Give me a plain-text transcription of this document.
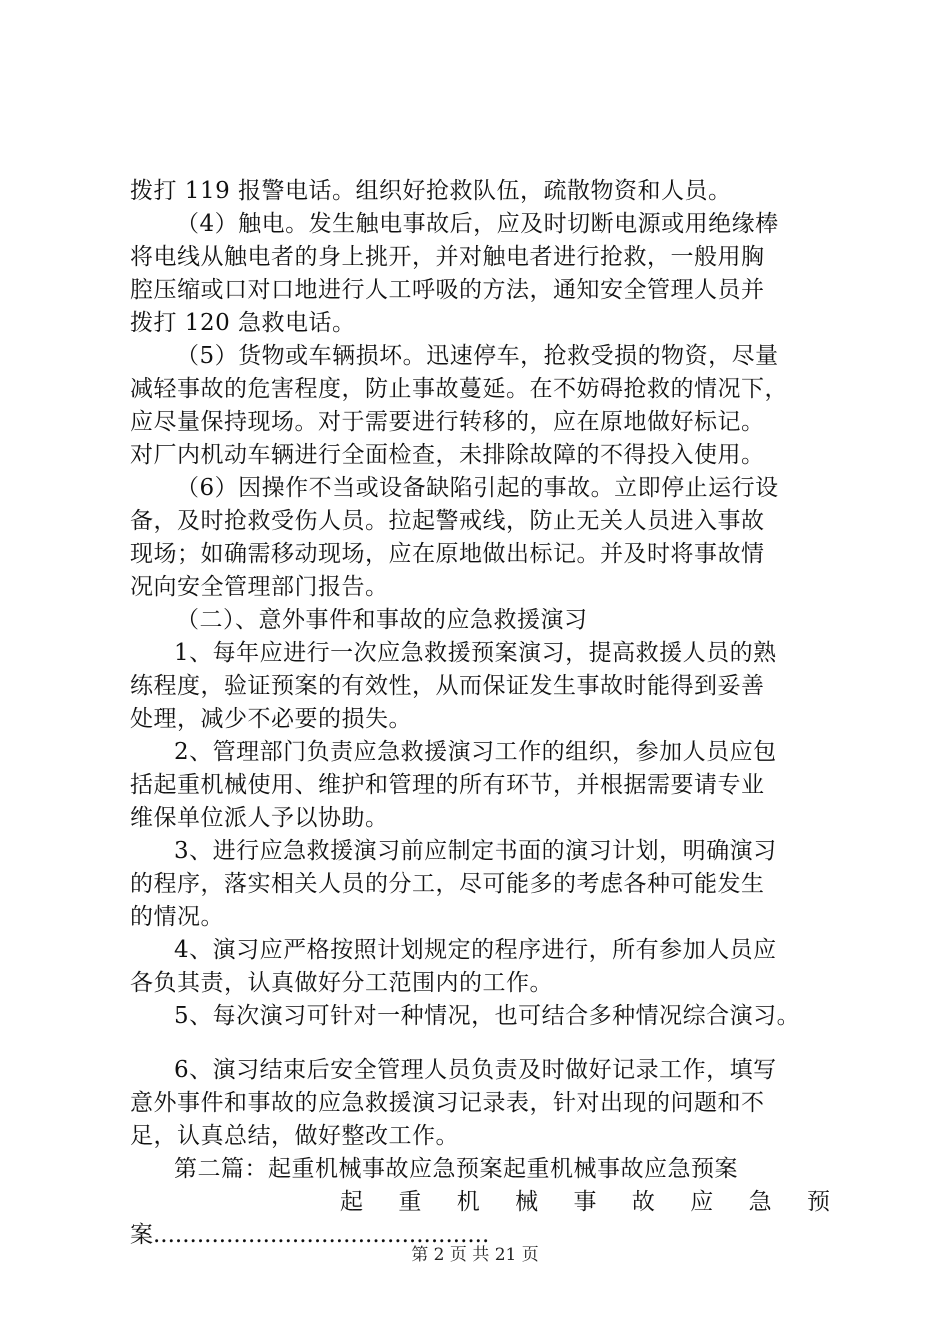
拨打 119 报警电话。组织好抢救队伍，疏散物资和人员。
（4）触电。发生触电事故后，应及时切断电源或用绝缘棒
将电线从触电者的身上挑开，并对触电者进行抢救，一般用胸
腔压缩或口对口地进行人工呼吸的方法，通知安全管理人员并
拨打 120 急救电话。
（5）货物或车辆损坏。迅速停车，抢救受损的物资，尽量
减轻事故的危害程度，防止事故蔓延。在不妨碍抢救的情况下，
应尽量保持现场。对于需要进行转移的，应在原地做好标记。
对厂内机动车辆进行全面检查，未排除故障的不得投入使用。
（6）因操作不当或设备缺陷引起的事故。立即停止运行设
备，及时抢救受伤人员。拉起警戒线，防止无关人员进入事故
现场；如确需移动现场，应在原地做出标记。并及时将事故情
况向安全管理部门报告。
（二）、意外事件和事故的应急救援演习
1、每年应进行一次应急救援预案演习，提高救援人员的熟
练程度，验证预案的有效性，从而保证发生事故时能得到妥善
处理，减少不必要的损失。
2、管理部门负责应急救援演习工作的组织，参加人员应包
括起重机械使用、维护和管理的所有环节，并根据需要请专业
维保单位派人予以协助。
3、进行应急救援演习前应制定书面的演习计划，明确演习
的程序，落实相关人员的分工，尽可能多的考虑各种可能发生
的情况。
4、演习应严格按照计划规定的程序进行，所有参加人员应
各负其责，认真做好分工范围内的工作。
5、每次演习可针对一种情况，也可结合多种情况综合演习。
6、演习结束后安全管理人员负责及时做好记录工作，填写
意外事件和事故的应急救援演习记录表，针对出现的问题和不
足，认真总结，做好整改工作。
第二篇：起重机械事故应急预案起重机械事故应急预案
起 重 机 械 事 故 应 急 预
案..............................................
第 2 页 共 21 页
